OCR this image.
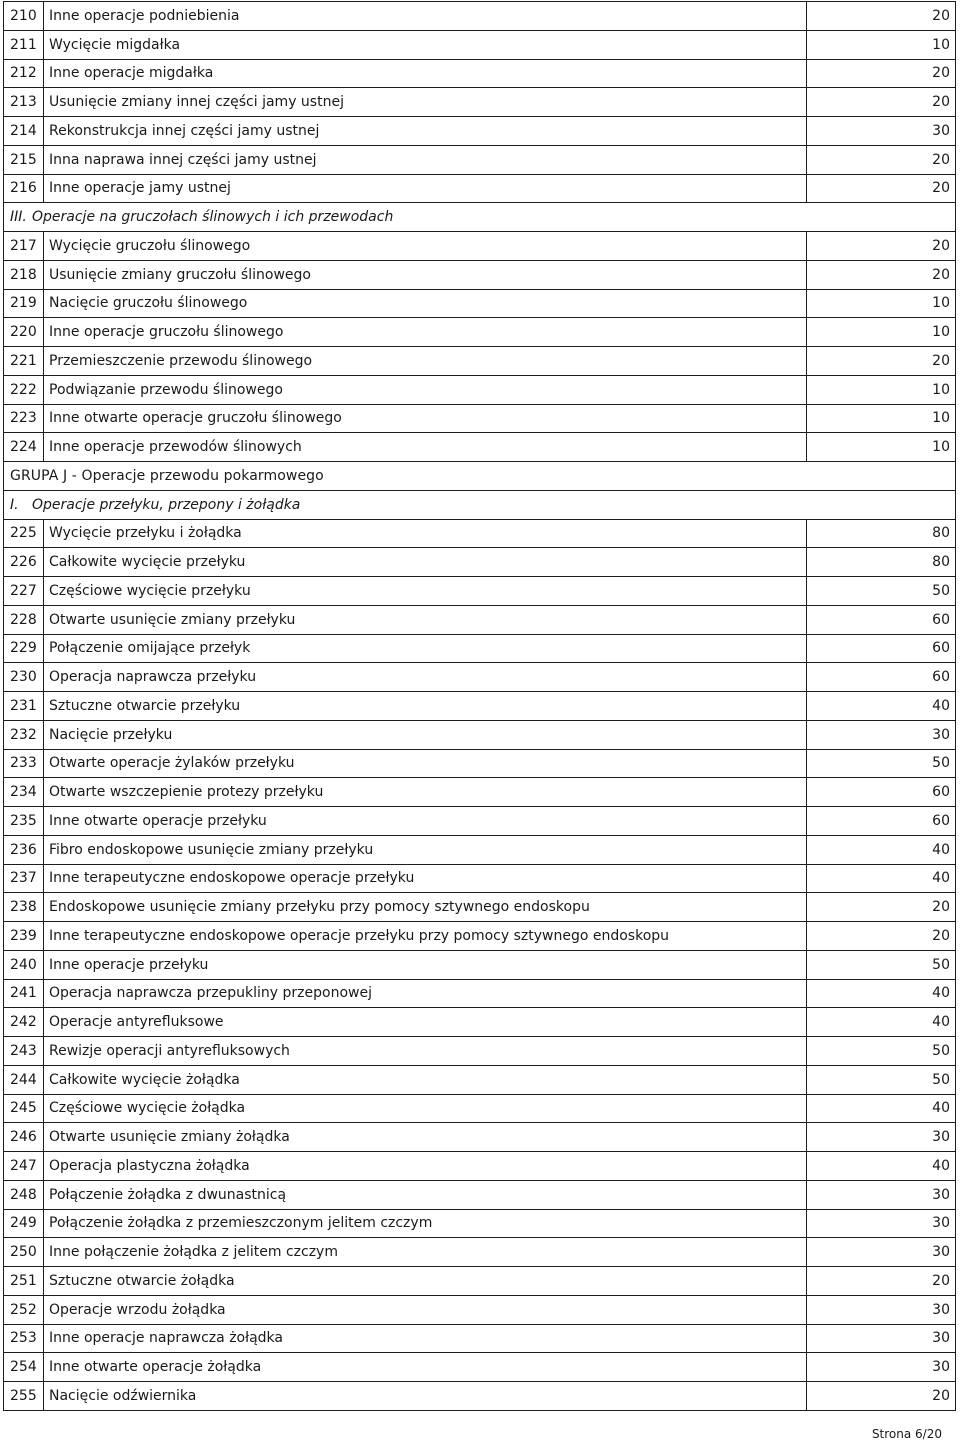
210	Inne operacje podniebienia	20
211	Wycięcie migdałka	10
212	Inne operacje migdałka	20
213	Usunięcie zmiany innej części jamy ustnej	20
214	Rekonstrukcja innej części jamy ustnej	30
215	Inna naprawa innej części jamy ustnej	20
216	Inne operacje jamy ustnej	20
III. Operacje na gruczołach ślinowych i ich przewodach		
217	Wycięcie gruczołu ślinowego	20
218	Usunięcie zmiany gruczołu ślinowego	20
219	Nacięcie gruczołu ślinowego	10
220	Inne operacje gruczołu ślinowego	10
221	Przemieszczenie przewodu ślinowego	20
222	Podwiązanie przewodu ślinowego	10
223	Inne otwarte operacje gruczołu ślinowego	10
224	Inne operacje przewodów ślinowych	10
GRUPA J - Operacje przewodu pokarmowego		
I. Operacje przełyku, przepony i żołądka		
225	Wycięcie przełyku i żołądka	80
226	Całkowite wycięcie przełyku	80
227	Częściowe wycięcie przełyku	50
228	Otwarte usunięcie zmiany przełyku	60
229	Połączenie omijające przełyk	60
230	Operacja naprawcza przełyku	60
231	Sztuczne otwarcie przełyku	40
232	Nacięcie przełyku	30
233	Otwarte operacje żylaków przełyku	50
234	Otwarte wszczepienie protezy przełyku	60
235	Inne otwarte operacje przełyku	60
236	Fibro endoskopowe usunięcie zmiany przełyku	40
237	Inne terapeutyczne endoskopowe operacje przełyku	40
238	Endoskopowe usunięcie zmiany przełyku przy pomocy sztywnego endoskopu	20
239	Inne terapeutyczne endoskopowe operacje przełyku przy pomocy sztywnego endoskopu	20
240	Inne operacje przełyku	50
241	Operacja naprawcza przepukliny przeponowej	40
242	Operacje antyrefluksowe	40
243	Rewizje operacji antyrefluksowych	50
244	Całkowite wycięcie żołądka	50
245	Częściowe wycięcie żołądka	40
246	Otwarte usunięcie zmiany żołądka	30
247	Operacja plastyczna żołądka	40
248	Połączenie żołądka z dwunastnicą	30
249	Połączenie żołądka z przemieszczonym jelitem czczym	30
250	Inne połączenie żołądka z jelitem czczym	30
251	Sztuczne otwarcie żołądka	20
252	Operacje wrzodu żołądka	30
253	Inne operacje naprawcza żołądka	30
254	Inne otwarte operacje żołądka	30
255	Nacięcie odźwiernika	20
Strona 6/20
